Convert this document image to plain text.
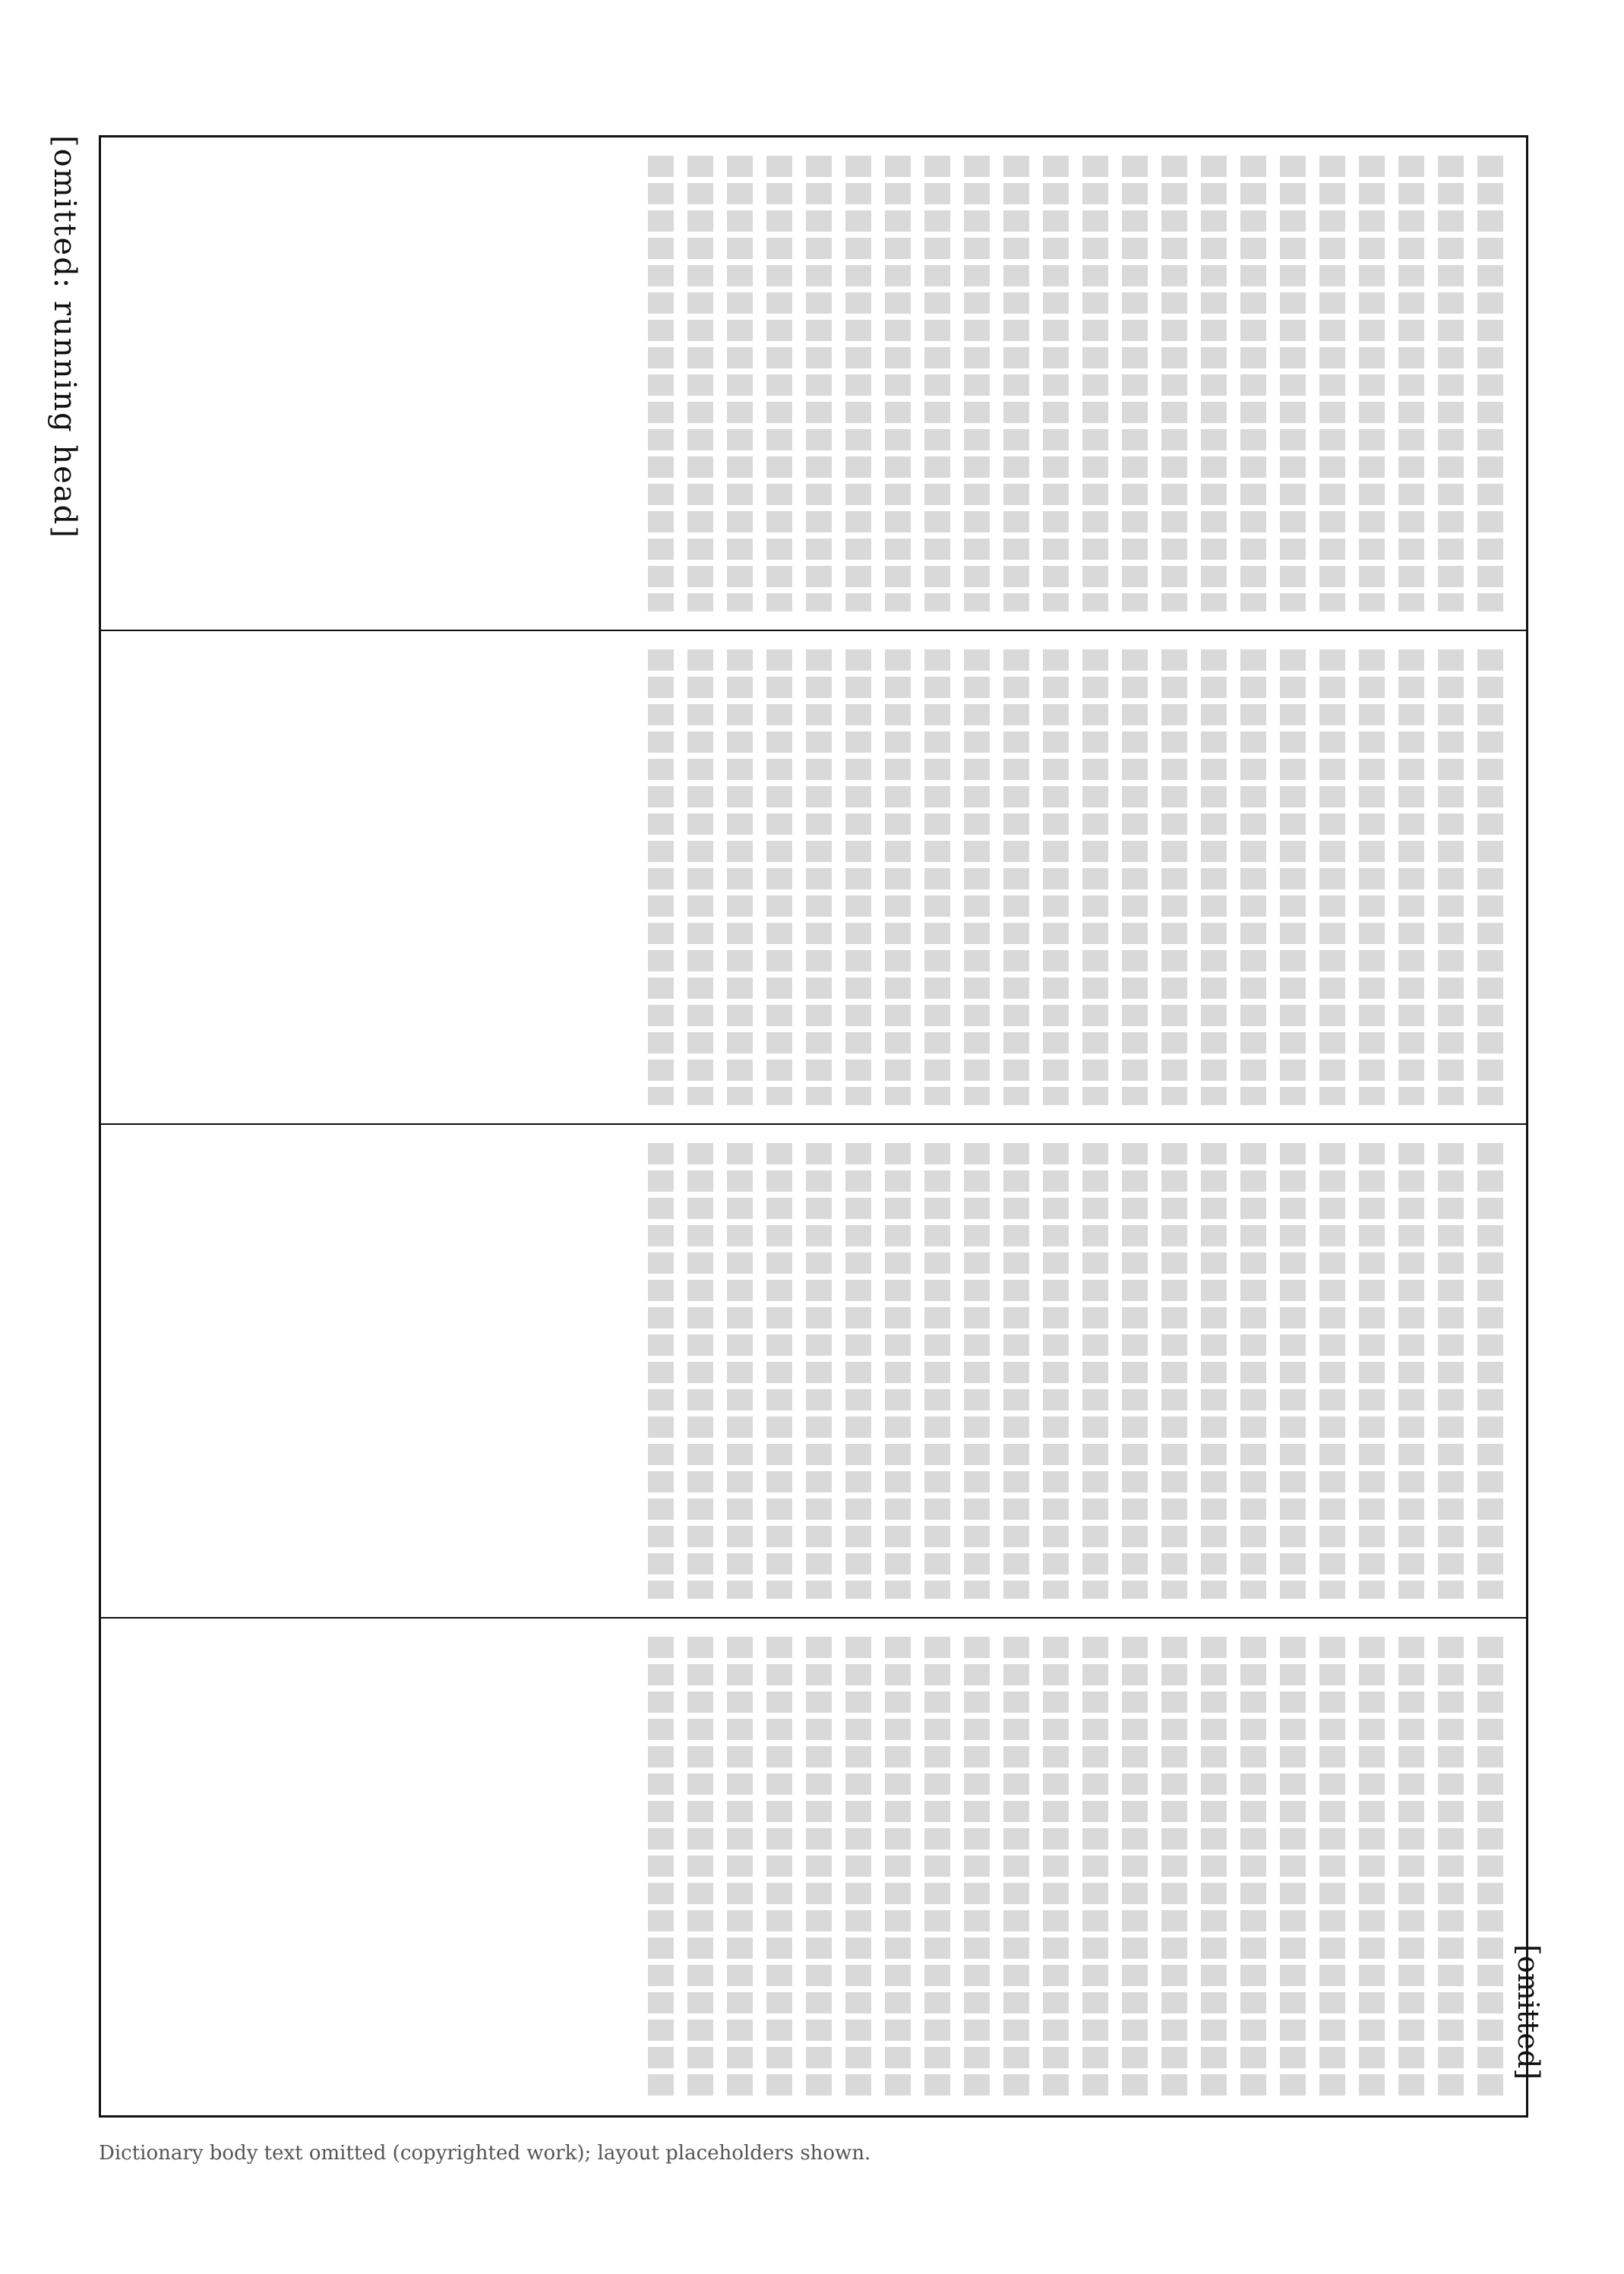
[omitted: running head]
[omitted]
Dictionary body text omitted (copyrighted work); layout placeholders shown.
